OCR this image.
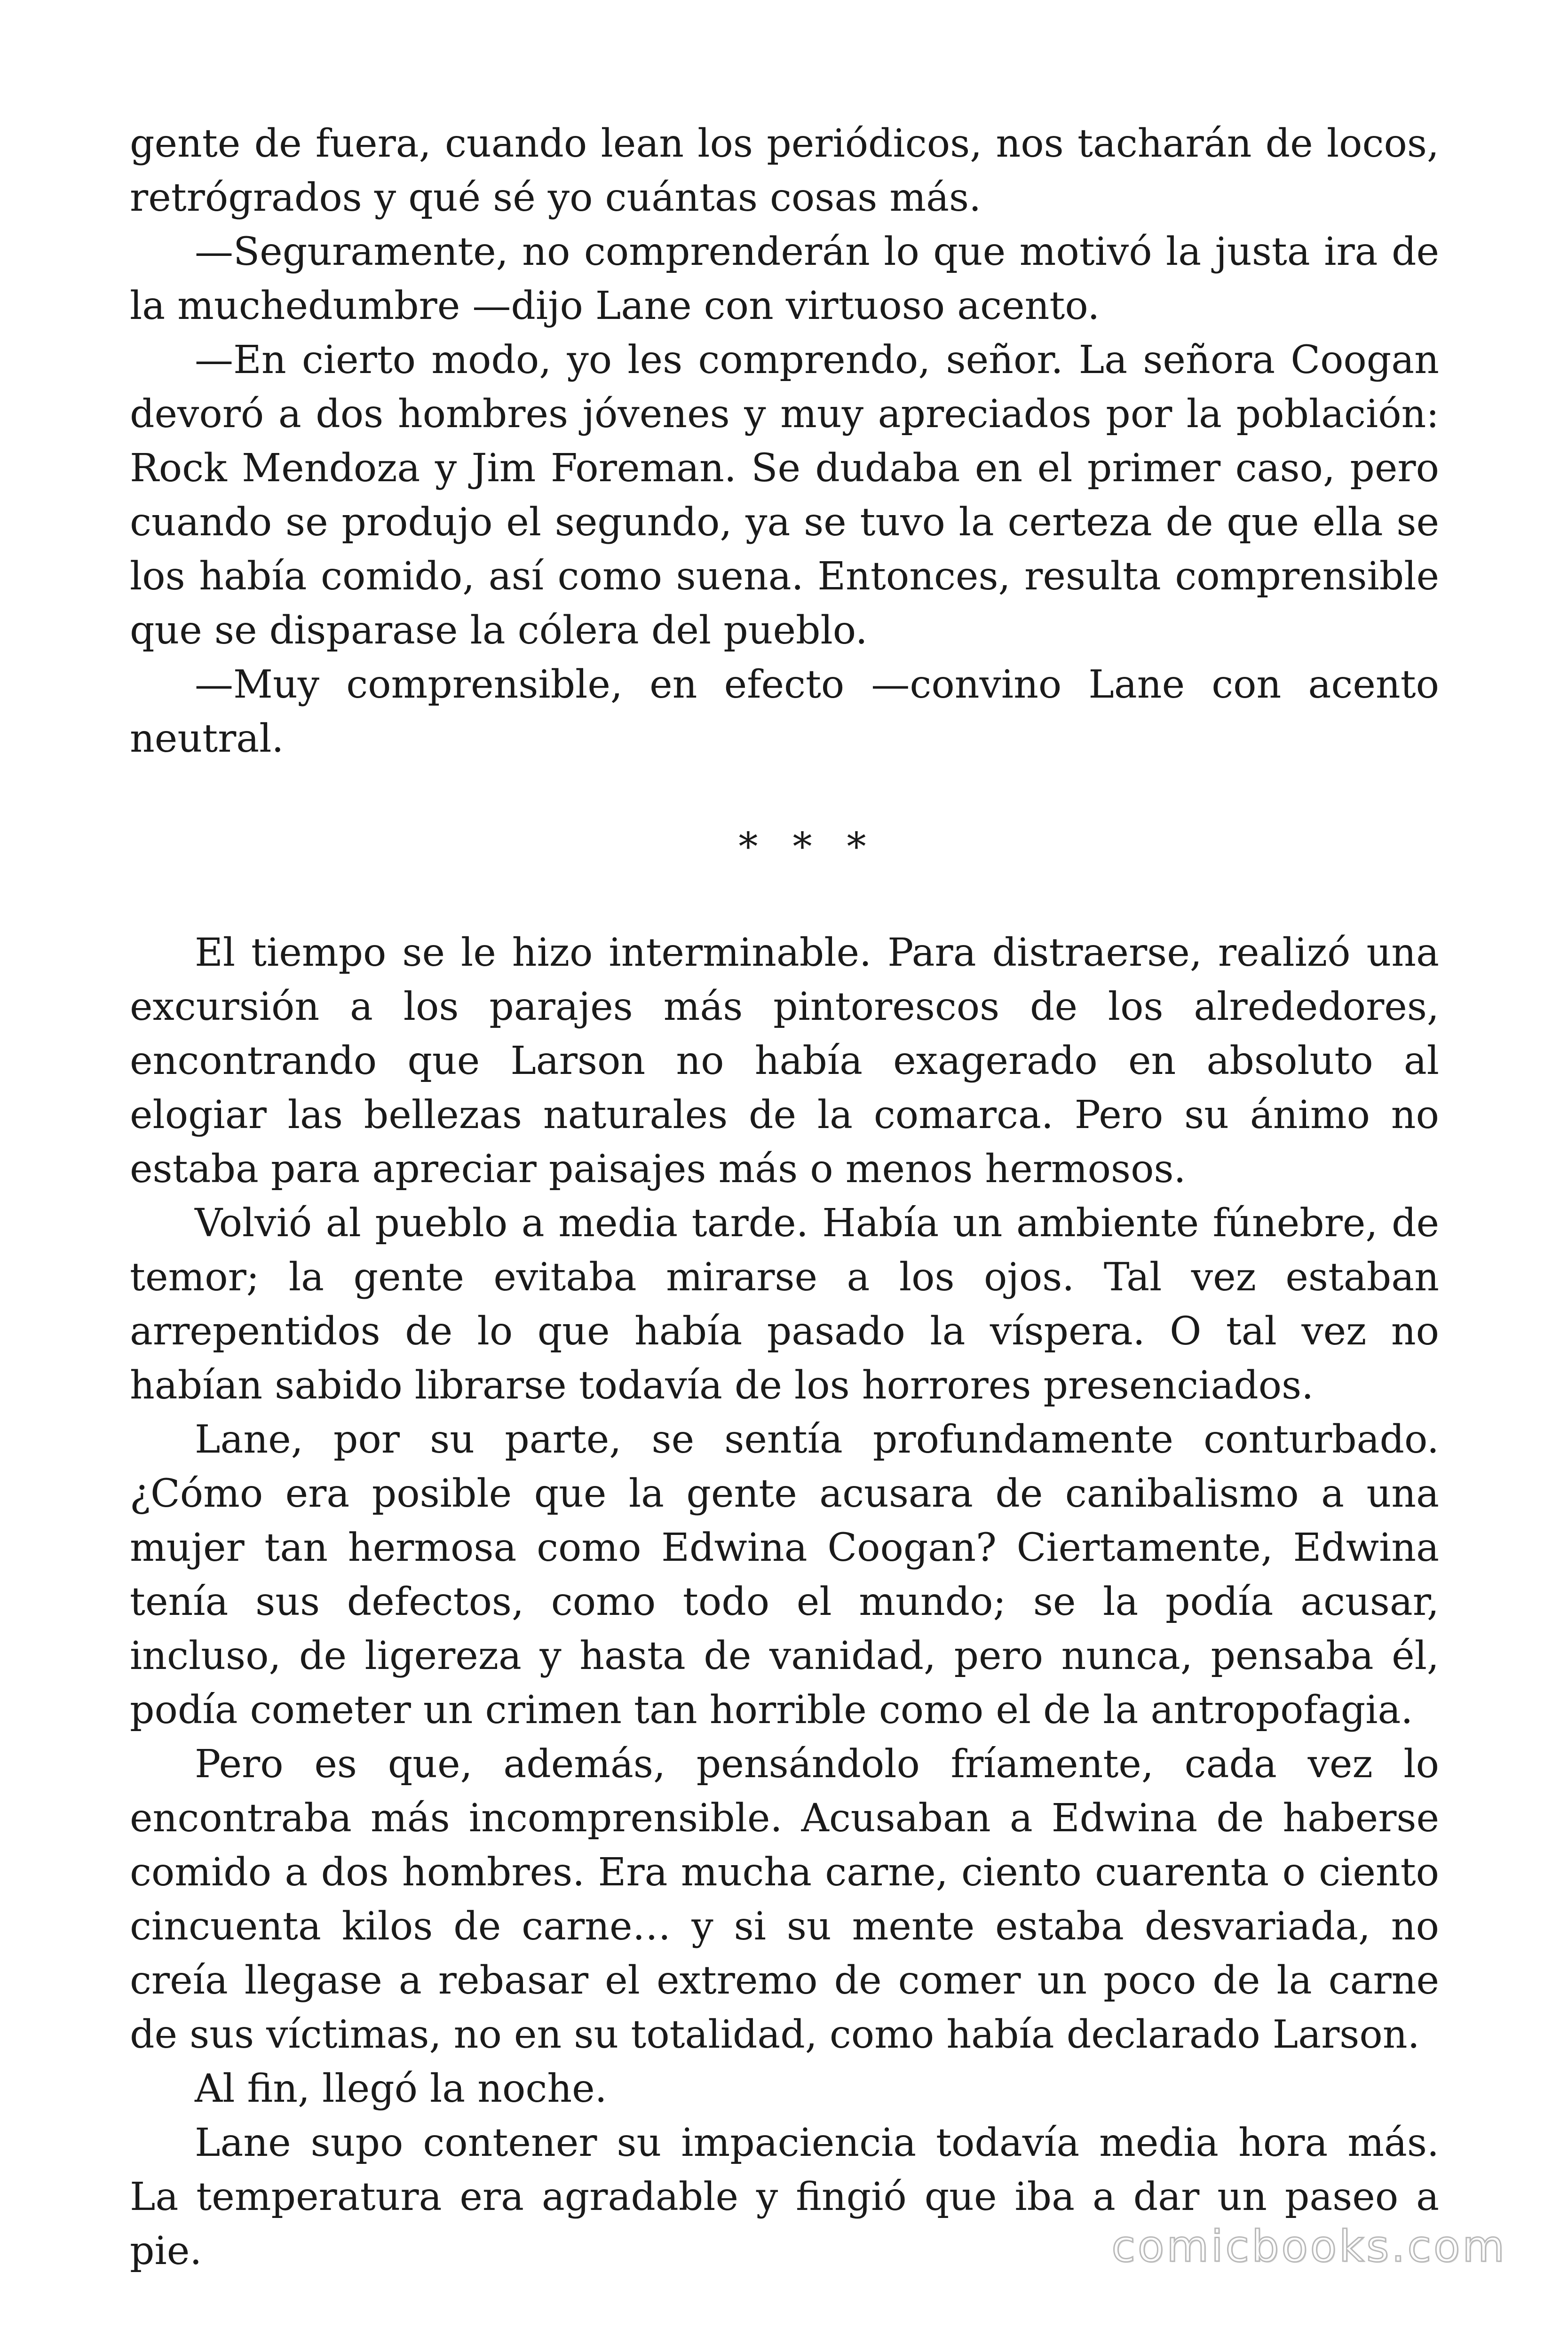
gente de fuera, cuando lean los periódicos, nos tacharán de locos, retrógrados y qué sé yo cuántas cosas más.

—Seguramente, no comprenderán lo que motivó la justa ira de la muchedumbre —dijo Lane con virtuoso acento.

—En cierto modo, yo les comprendo, señor. La señora Coogan devoró a dos hombres jóvenes y muy apreciados por la población: Rock Mendoza y Jim Foreman. Se dudaba en el primer caso, pero cuando se produjo el segundo, ya se tuvo la certeza de que ella se los había comido, así como suena. Entonces, resulta comprensible que se disparase la cólera del pueblo.

—Muy comprensible, en efecto —convino Lane con acento neutral.

* * *

El tiempo se le hizo interminable. Para distraerse, realizó una excursión a los parajes más pintorescos de los alrededores, encontrando que Larson no había exagerado en absoluto al elogiar las bellezas naturales de la comarca. Pero su ánimo no estaba para apreciar paisajes más o menos hermosos.

Volvió al pueblo a media tarde. Había un ambiente fúnebre, de temor; la gente evitaba mirarse a los ojos. Tal vez estaban arrepentidos de lo que había pasado la víspera. O tal vez no habían sabido librarse todavía de los horrores presenciados.

Lane, por su parte, se sentía profundamente conturbado. ¿Cómo era posible que la gente acusara de canibalismo a una mujer tan hermosa como Edwina Coogan? Ciertamente, Edwina tenía sus defectos, como todo el mundo; se la podía acusar, incluso, de ligereza y hasta de vanidad, pero nunca, pensaba él, podía cometer un crimen tan horrible como el de la antropofagia.

Pero es que, además, pensándolo fríamente, cada vez lo encontraba más incomprensible. Acusaban a Edwina de haberse comido a dos hombres. Era mucha carne, ciento cuarenta o ciento cincuenta kilos de carne… y si su mente estaba desvariada, no creía llegase a rebasar el extremo de comer un poco de la carne de sus víctimas, no en su totalidad, como había declarado Larson.

Al fin, llegó la noche.

Lane supo contener su impaciencia todavía media hora más. La temperatura era agradable y fingió que iba a dar un paseo a pie.	comicbooks.com
